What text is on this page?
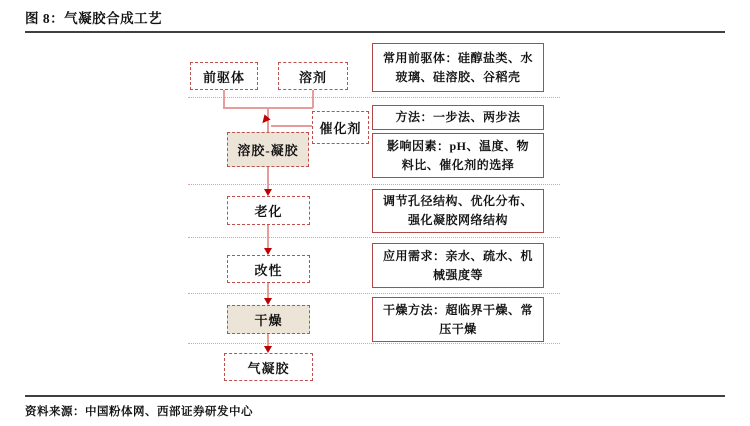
图 8：气凝胶合成工艺
前驱体	溶剂
催化剂
溶胶-凝胶
老化
改性
干燥
气凝胶
常用前驱体：硅醇盐类、水玻璃、硅溶胶、谷稻壳
方法：一步法、两步法
影响因素：pH、温度、物料比、催化剂的选择
调节孔径结构、优化分布、强化凝胶网络结构
应用需求：亲水、疏水、机械强度等
干燥方法：超临界干燥、常压干燥
资料来源：中国粉体网、西部证券研发中心
